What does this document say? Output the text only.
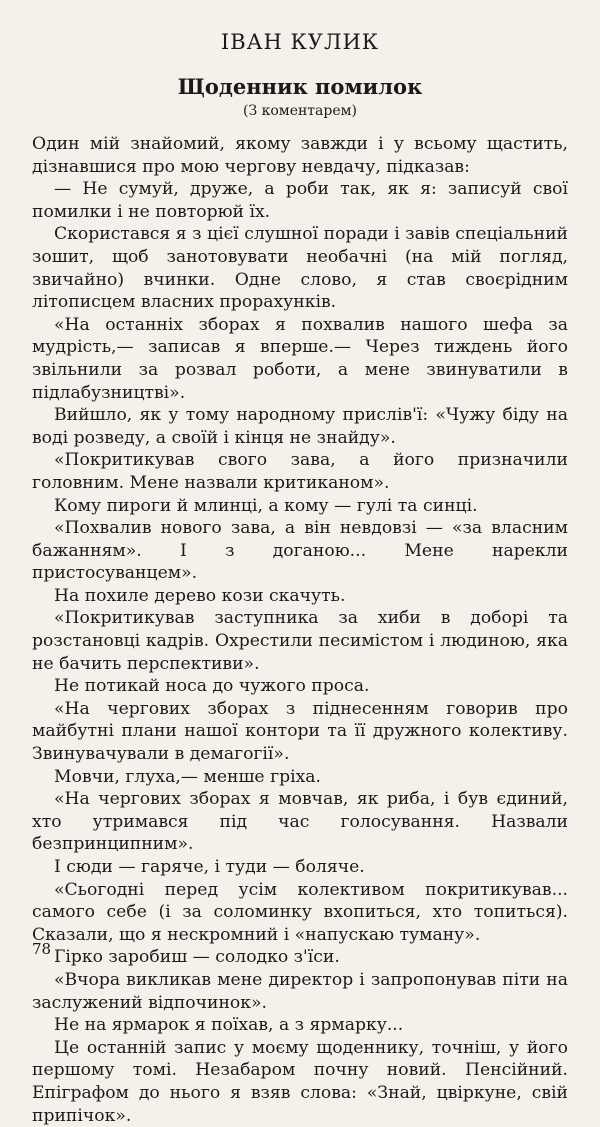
ІВАН КУЛИК
Щоденник помилок
(З коментарем)

Один мій знайомий, якому завжди і у всьому щастить, дізнавшися про мою чергову невдачу, підказав:

— Не сумуй, друже, а роби так, як я: записуй свої помилки і не повторюй їх.

Скористався я з цієї слушної поради і завів спеціальний зошит, щоб занотовувати необачні (на мій погляд, звичайно) вчинки. Одне слово, я став своєрідним літописцем власних прорахунків.

«На останніх зборах я похвалив нашого шефа за мудрість,— записав я вперше.— Через тиждень його звільнили за розвал роботи, а мене звинуватили в підлабузництві».

Вийшло, як у тому народному прислів'ї: «Чужу біду на воді розведу, а своїй і кінця не знайду».

«Покритикував свого зава, а його призначили головним. Мене назвали критиканом».

Кому пироги й млинці, а кому — гулі та синці.

«Похвалив нового зава, а він невдовзі — «за власним бажанням». І з доганою... Мене нарекли пристосуванцем».

На похиле дерево кози скачуть.

«Покритикував заступника за хиби в доборі та розстановці кадрів. Охрестили песимістом і людиною, яка не бачить перспективи».

Не потикай носа до чужого проса.

«На чергових зборах з піднесенням говорив про майбутні плани нашої контори та її дружного колективу. Звинувачували в демагогії».

Мовчи, глуха,— менше гріха.

«На чергових зборах я мовчав, як риба, і був єдиний, хто утримався під час голосування. Назвали безпринципним».

І сюди — гаряче, і туди — боляче.

«Сьогодні перед усім колективом покритикував... самого себе (і за соломинку вхопиться, хто топиться). Сказали, що я нескромний і «напускаю туману».

Гірко заробиш — солодко з'їси.

«Вчора викликав мене директор і запропонував піти на заслужений відпочинок».

Не на ярмарок я поїхав, а з ярмарку...

Це останній запис у моєму щоденнику, точніш, у його першому томі. Незабаром почну новий. Пенсійний. Епіграфом до нього я взяв слова: «Знай, цвіркуне, свій припічок».

78
